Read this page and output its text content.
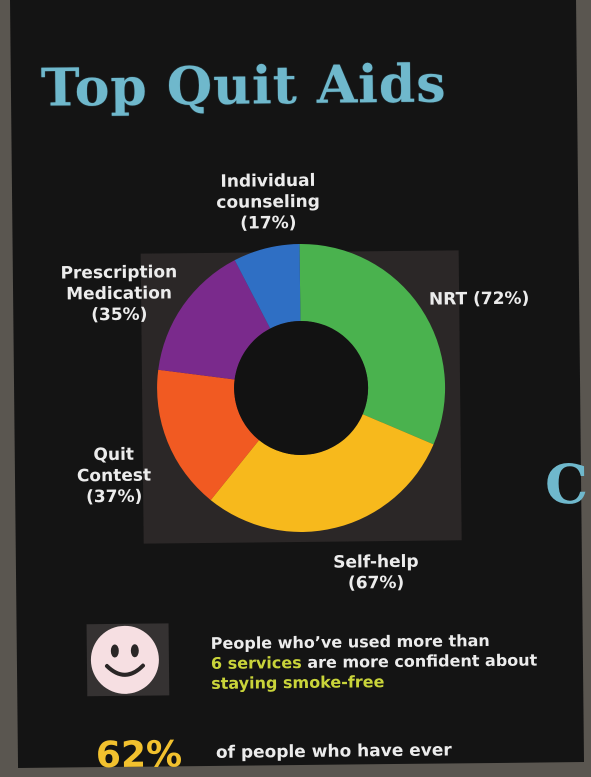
Top Quit Aids
C
Individual
counseling
(17%)
Prescription
Medication
(35%)
NRT (72%)
Quit
Contest
(37%)
Self-help
(67%)
People who’ve used more than
6 services are more confident about
staying smoke-free
62% of people who have ever
